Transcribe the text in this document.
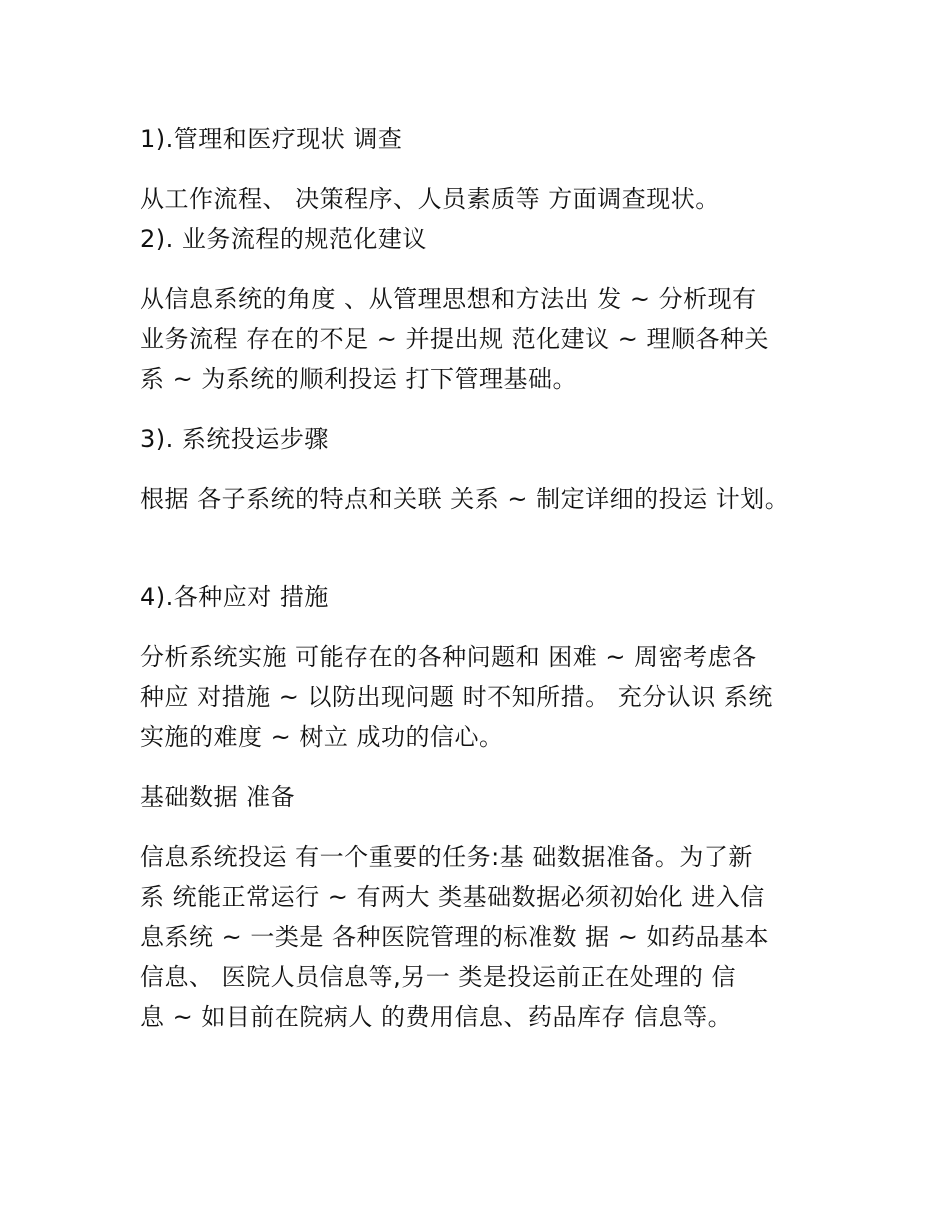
1).管理和医疗现状 调查

从工作流程、 决策程序、人员素质等 方面调查现状。

2). 业务流程的规范化建议

从信息系统的角度 、从管理思想和方法出 发 ~ 分析现有

业务流程 存在的不足 ~ 并提出规 范化建议 ~ 理顺各种关

系 ~ 为系统的顺利投运 打下管理基础。

3). 系统投运步骤

根据 各子系统的特点和关联 关系 ~ 制定详细的投运 计划。

4).各种应对 措施

分析系统实施 可能存在的各种问题和 困难 ~ 周密考虑各

种应 对措施 ~ 以防出现问题 时不知所措。 充分认识 系统

实施的难度 ~ 树立 成功的信心。

基础数据 准备

信息系统投运 有一个重要的任务:基 础数据准备。为了新

系 统能正常运行 ~ 有两大 类基础数据必须初始化 进入信

息系统 ~ 一类是 各种医院管理的标准数 据 ~ 如药品基本

信息、 医院人员信息等,另一 类是投运前正在处理的 信

息 ~ 如目前在院病人 的费用信息、药品库存 信息等。
